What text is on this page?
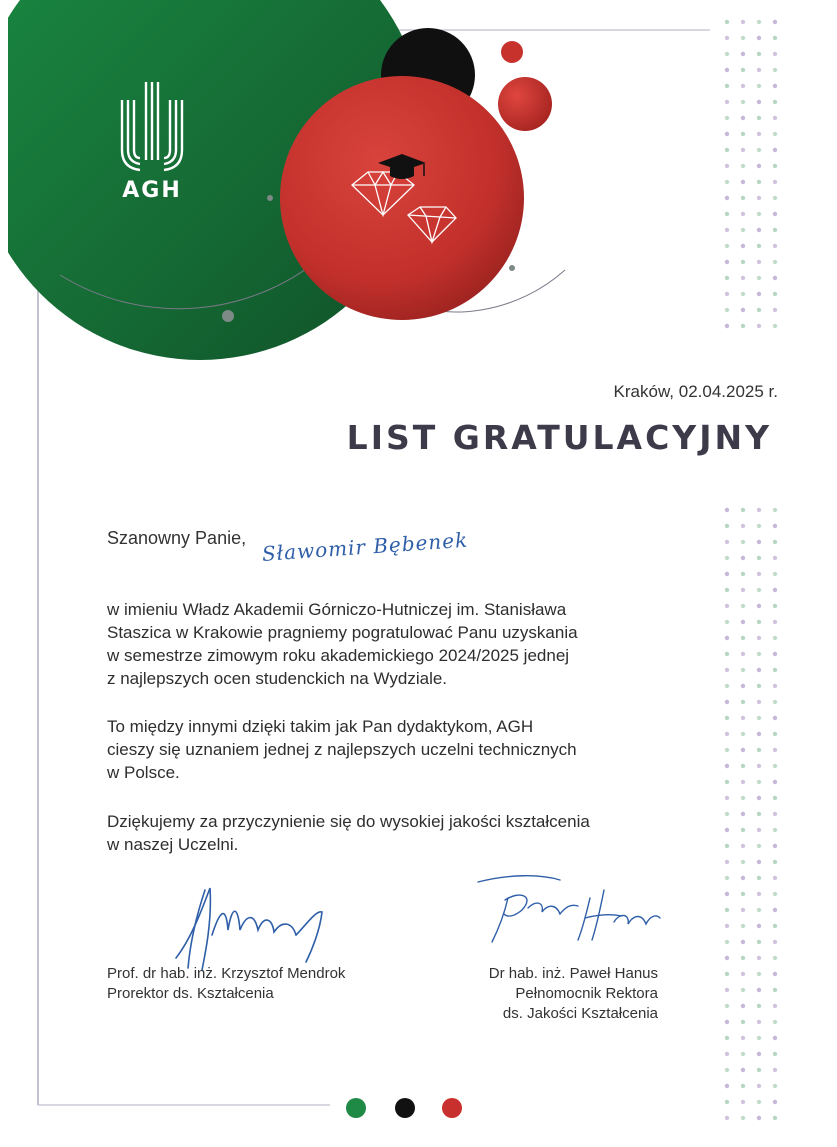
AGH
Kraków, 02.04.2025 r.
LIST GRATULACYJNY
Szanowny Panie, Sławomir Bębenek
w imieniu Władz Akademii Górniczo-Hutniczej im. Stanisława
Staszica w Krakowie pragniemy pogratulować Panu uzyskania
w semestrze zimowym roku akademickiego 2024/2025 jednej
z najlepszych ocen studenckich na Wydziale.
To między innymi dzięki takim jak Pan dydaktykom, AGH
cieszy się uznaniem jednej z najlepszych uczelni technicznych
w Polsce.
Dziękujemy za przyczynienie się do wysokiej jakości kształcenia
w naszej Uczelni.
Prof. dr hab. inż. Krzysztof Mendrok
Prorektor ds. Kształcenia
Dr hab. inż. Paweł Hanus
Pełnomocnik Rektora
ds. Jakości Kształcenia
